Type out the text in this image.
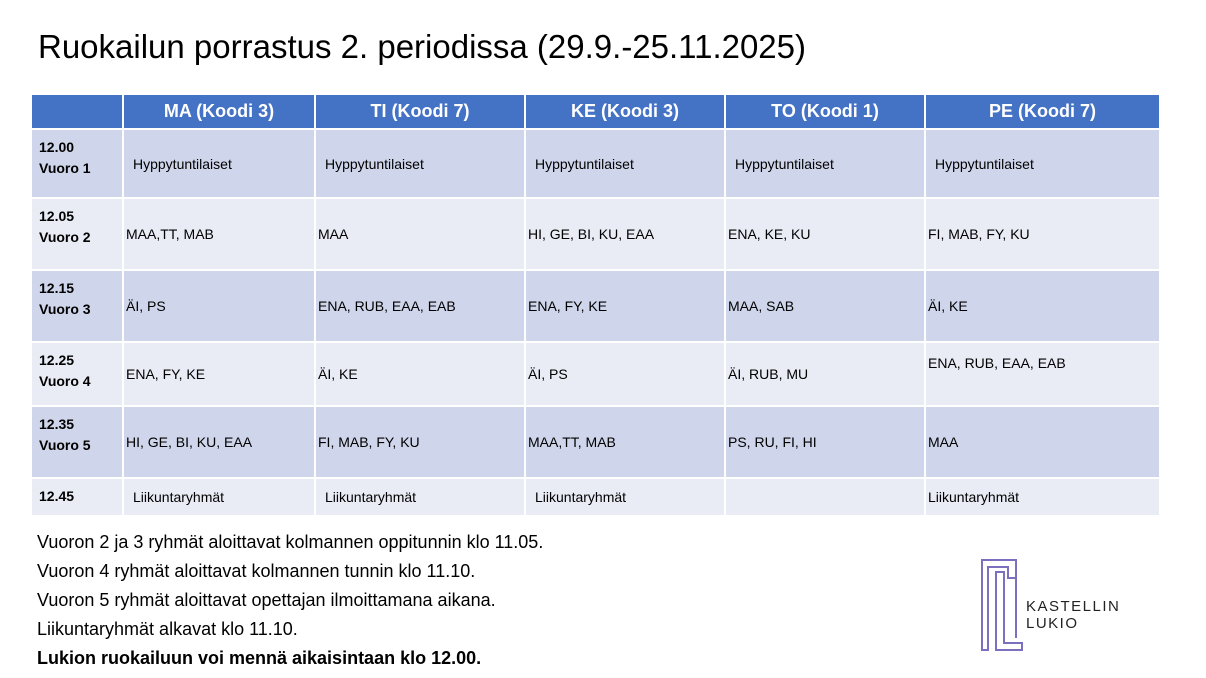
Ruokailun porrastus 2. periodissa (29.9.-25.11.2025)
	MA (Koodi 3)	TI (Koodi 7)	KE (Koodi 3)	TO (Koodi 1)	PE (Koodi 7)

12.00
Vuoro 1	Hyppytuntilaiset	Hyppytuntilaiset	Hyppytuntilaiset	Hyppytuntilaiset	Hyppytuntilaiset

12.05
Vuoro 2	MAA,TT, MAB	MAA	HI, GE, BI, KU, EAA	ENA, KE, KU	FI, MAB, FY, KU

12.15
Vuoro 3	ÄI, PS	ENA, RUB, EAA, EAB	ENA, FY, KE	MAA, SAB	ÄI, KE

12.25
Vuoro 4	ENA, FY, KE	ÄI, KE	ÄI, PS	ÄI, RUB, MU	ENA, RUB, EAA, EAB

12.35
Vuoro 5	HI, GE, BI, KU, EAA	FI, MAB, FY, KU	MAA,TT, MAB	PS, RU, FI, HI	MAA

12.45	Liikuntaryhmät	Liikuntaryhmät	Liikuntaryhmät		Liikuntaryhmät
Vuoron 2 ja 3 ryhmät aloittavat kolmannen oppitunnin klo 11.05.
Vuoron 4 ryhmät aloittavat kolmannen tunnin klo 11.10.
Vuoron 5 ryhmät aloittavat opettajan ilmoittamana aikana.
Liikuntaryhmät alkavat klo 11.10.
Lukion ruokailuun voi mennä aikaisintaan klo 12.00.
KASTELLIN
LUKIO
